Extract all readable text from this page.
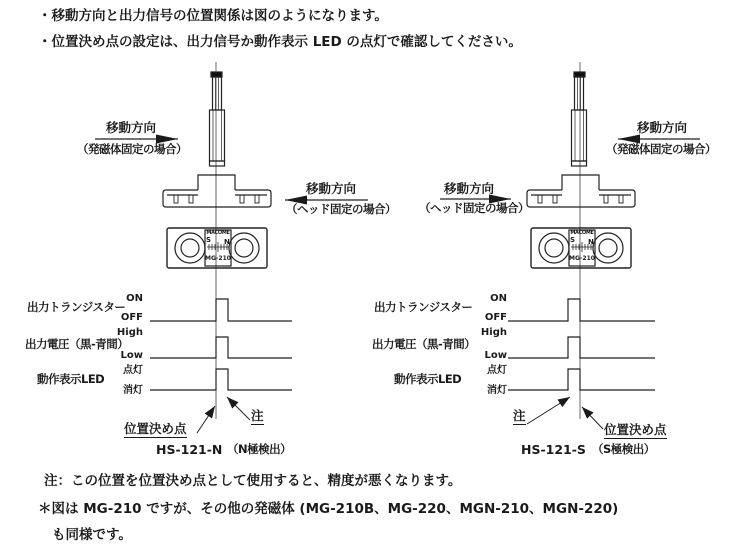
・移動方向と出力信号の位置関係は図のようになります。
・位置決め点の設定は、出力信号か動作表示 LED の点灯で確認してください。
移動方向
（発磁体固定の場合）
移動方向
（ヘッド固定の場合）
移動方向
（発磁体固定の場合）
移動方向
（ヘッド固定の場合）
MACOME
S N
MG-210
MACOME
S N
MG-210
出力トランジスター
ON
OFF
出力電圧（黒-青間）
High
Low
動作表示LED
点灯
消灯
出力トランジスター
ON
OFF
出力電圧（黒-青間）
High
Low
動作表示LED
点灯
消灯
位置決め点
注
HS-121-N （N極検出）
注
位置決め点
HS-121-S （S極検出）
注：この位置を位置決め点として使用すると、精度が悪くなります。
＊図は MG-210 ですが、その他の発磁体 (MG-210B、MG-220、MGN-210、MGN-220)
も同様です。
